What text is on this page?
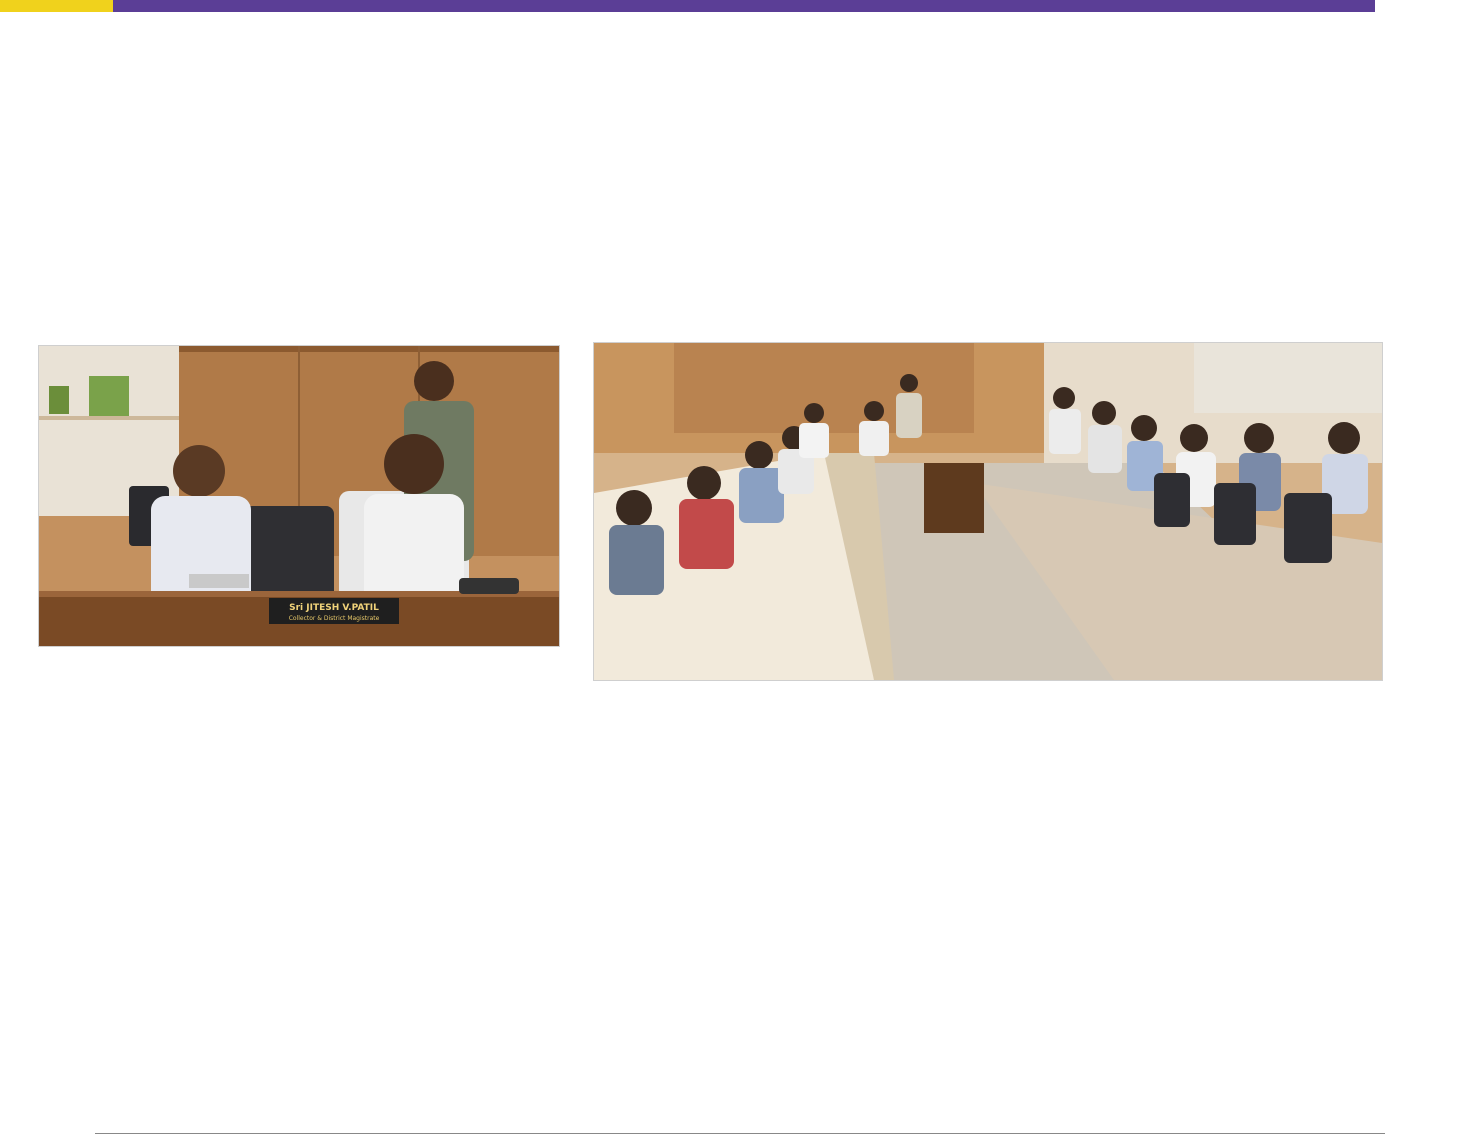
Sri JITESH V.PATIL
Collector & District Magistrate
